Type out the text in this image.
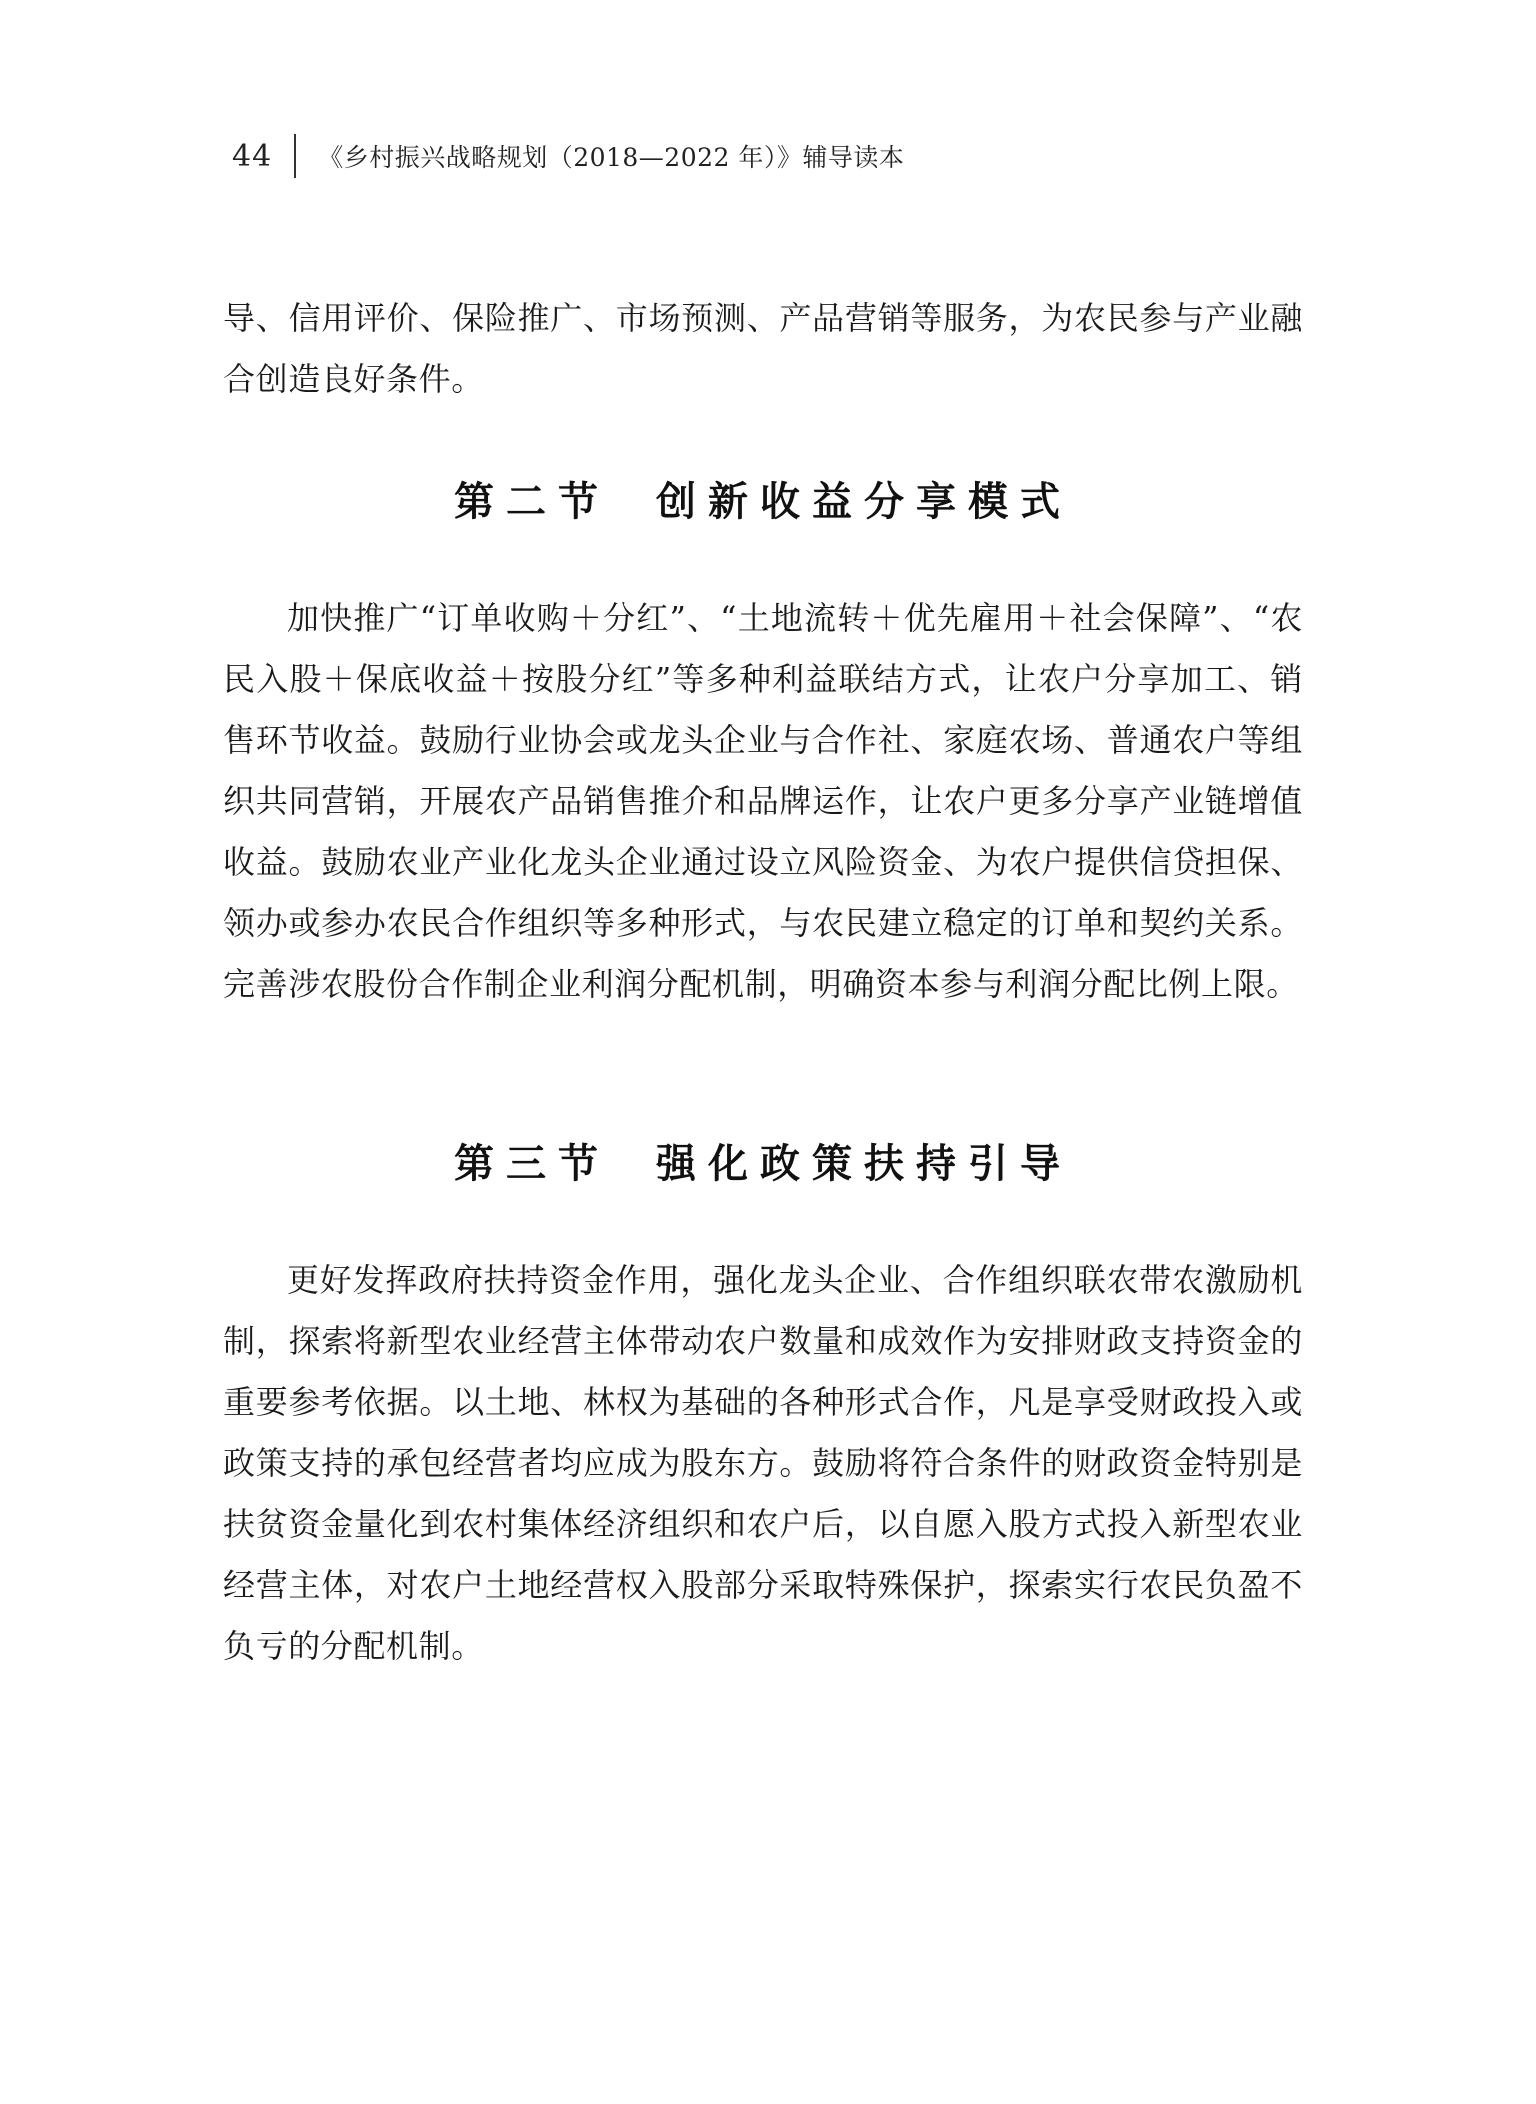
44 《乡村振兴战略规划（2018—2022 年）》辅导读本

导、信用评价、保险推广、市场预测、产品营销等服务，为农民参与产业融合创造良好条件。

第二节 创新收益分享模式

加快推广“订单收购＋分红”、“土地流转＋优先雇用＋社会保障”、“农民入股＋保底收益＋按股分红”等多种利益联结方式，让农户分享加工、销售环节收益。鼓励行业协会或龙头企业与合作社、家庭农场、普通农户等组织共同营销，开展农产品销售推介和品牌运作，让农户更多分享产业链增值收益。鼓励农业产业化龙头企业通过设立风险资金、为农户提供信贷担保、领办或参办农民合作组织等多种形式，与农民建立稳定的订单和契约关系。完善涉农股份合作制企业利润分配机制，明确资本参与利润分配比例上限。

第三节 强化政策扶持引导

更好发挥政府扶持资金作用，强化龙头企业、合作组织联农带农激励机制，探索将新型农业经营主体带动农户数量和成效作为安排财政支持资金的重要参考依据。以土地、林权为基础的各种形式合作，凡是享受财政投入或政策支持的承包经营者均应成为股东方。鼓励将符合条件的财政资金特别是扶贫资金量化到农村集体经济组织和农户后，以自愿入股方式投入新型农业经营主体，对农户土地经营权入股部分采取特殊保护，探索实行农民负盈不负亏的分配机制。
